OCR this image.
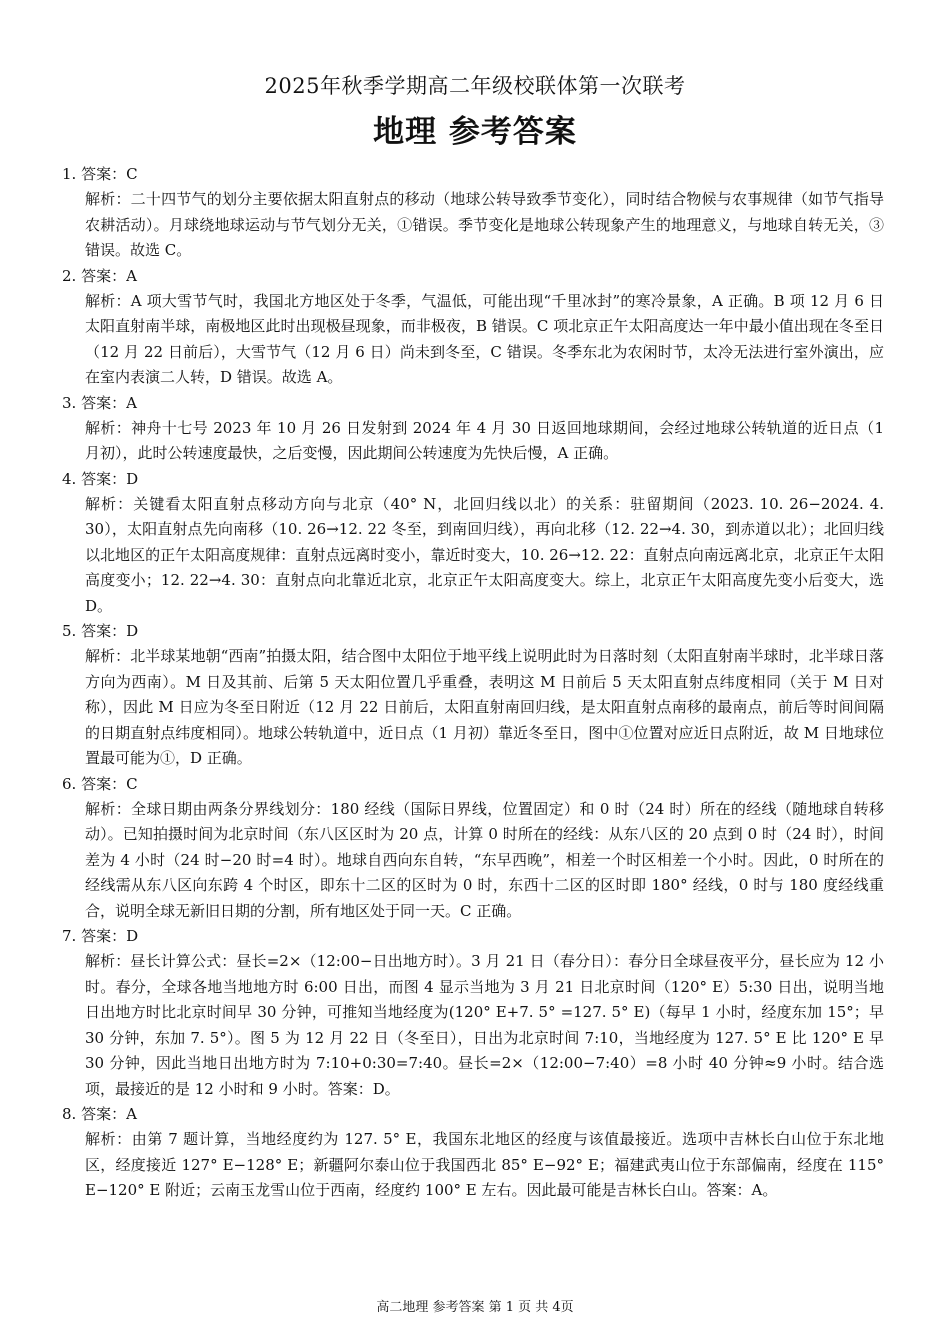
2025年秋季学期高二年级校联体第一次联考
地理 参考答案
1. 答案：C
解析：二十四节气的划分主要依据太阳直射点的移动（地球公转导致季节变化），同时结合物候与农事规律（如节气指导农耕活动）。月球绕地球运动与节气划分无关，①错误。季节变化是地球公转现象产生的地理意义，与地球自转无关，③错误。故选 C。
2. 答案：A
解析：A 项大雪节气时，我国北方地区处于冬季，气温低，可能出现“千里冰封”的寒冷景象，A 正确。B 项 12 月 6 日太阳直射南半球，南极地区此时出现极昼现象，而非极夜，B 错误。C 项北京正午太阳高度达一年中最小值出现在冬至日（12 月 22 日前后），大雪节气（12 月 6 日）尚未到冬至，C 错误。冬季东北为农闲时节，太冷无法进行室外演出，应在室内表演二人转，D 错误。故选 A。
3. 答案：A
解析：神舟十七号 2023 年 10 月 26 日发射到 2024 年 4 月 30 日返回地球期间，会经过地球公转轨道的近日点（1 月初），此时公转速度最快，之后变慢，因此期间公转速度为先快后慢，A 正确。
4. 答案：D
解析：关键看太阳直射点移动方向与北京（40° N，北回归线以北）的关系：驻留期间（2023. 10. 26−2024. 4. 30），太阳直射点先向南移（10. 26→12. 22 冬至，到南回归线），再向北移（12. 22→4. 30，到赤道以北）；北回归线以北地区的正午太阳高度规律：直射点远离时变小，靠近时变大，10. 26→12. 22：直射点向南远离北京，北京正午太阳高度变小；12. 22→4. 30：直射点向北靠近北京，北京正午太阳高度变大。综上，北京正午太阳高度先变小后变大，选 D。
5. 答案：D
解析：北半球某地朝“西南”拍摄太阳，结合图中太阳位于地平线上说明此时为日落时刻（太阳直射南半球时，北半球日落方向为西南）。M 日及其前、后第 5 天太阳位置几乎重叠，表明这 M 日前后 5 天太阳直射点纬度相同（关于 M 日对称），因此 M 日应为冬至日附近（12 月 22 日前后，太阳直射南回归线，是太阳直射点南移的最南点，前后等时间间隔的日期直射点纬度相同）。地球公转轨道中，近日点（1 月初）靠近冬至日，图中①位置对应近日点附近，故 M 日地球位置最可能为①，D 正确。
6. 答案：C
解析：全球日期由两条分界线划分：180 经线（国际日界线，位置固定）和 0 时（24 时）所在的经线（随地球自转移动）。已知拍摄时间为北京时间（东八区区时为 20 点，计算 0 时所在的经线：从东八区的 20 点到 0 时（24 时），时间差为 4 小时（24 时−20 时=4 时）。地球自西向东自转，“东早西晚”，相差一个时区相差一个小时。因此，0 时所在的经线需从东八区向东跨 4 个时区，即东十二区的区时为 0 时，东西十二区的区时即 180° 经线，0 时与 180 度经线重合，说明全球无新旧日期的分割，所有地区处于同一天。C 正确。
7. 答案：D
解析：昼长计算公式：昼长=2×（12:00−日出地方时）。3 月 21 日（春分日）：春分日全球昼夜平分，昼长应为 12 小时。春分，全球各地当地地方时 6:00 日出，而图 4 显示当地为 3 月 21 日北京时间（120° E）5:30 日出，说明当地日出地方时比北京时间早 30 分钟，可推知当地经度为(120° E+7. 5° =127. 5° E)（每早 1 小时，经度东加 15°；早 30 分钟，东加 7. 5°）。图 5 为 12 月 22 日（冬至日），日出为北京时间 7:10，当地经度为 127. 5° E 比 120° E 早 30 分钟，因此当地日出地方时为 7:10+0:30=7:40。昼长=2×（12:00−7:40）=8 小时 40 分钟≈9 小时。结合选项，最接近的是 12 小时和 9 小时。答案：D。
8. 答案：A
解析：由第 7 题计算，当地经度约为 127. 5° E，我国东北地区的经度与该值最接近。选项中吉林长白山位于东北地区，经度接近 127° E−128° E；新疆阿尔泰山位于我国西北 85° E−92° E；福建武夷山位于东部偏南，经度在 115° E−120° E 附近；云南玉龙雪山位于西南，经度约 100° E 左右。因此最可能是吉林长白山。答案：A。
高二地理 参考答案 第 1 页 共 4页
